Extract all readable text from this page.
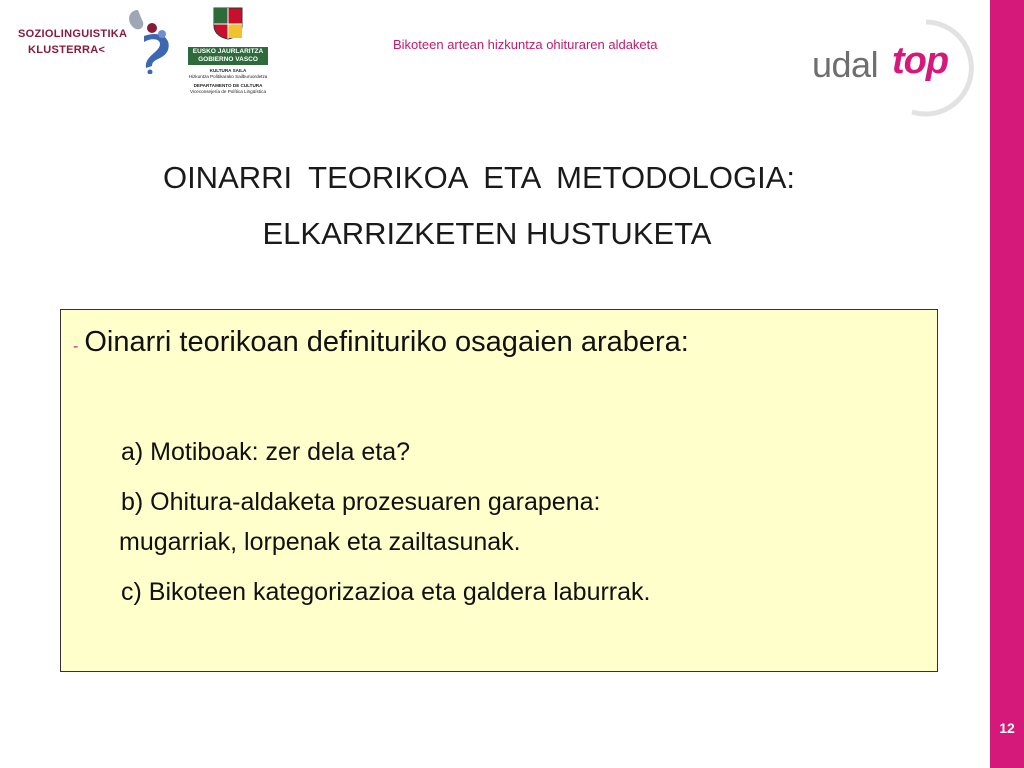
SOZIOLINGUISTIKA
KLUSTERRA<	EUSKO JAURLARITZA
GOBIERNO VASCO
KULTURA SAILA
Hizkuntza Politikarako Sailburuordetza
DEPARTAMENTO DE CULTURA
Viceconsejería de Política Lingüística
Bikoteen artean hizkuntza ohituraren aldaketa	udal top
OINARRI TEORIKOA ETA METODOLOGIA:
ELKARRIZKETEN HUSTUKETA
- Oinarri teorikoan definituriko osagaien arabera:
a) Motiboak: zer dela eta?
b) Ohitura-aldaketa prozesuaren garapena:
mugarriak, lorpenak eta zailtasunak.
c) Bikoteen kategorizazioa eta galdera laburrak.
12
